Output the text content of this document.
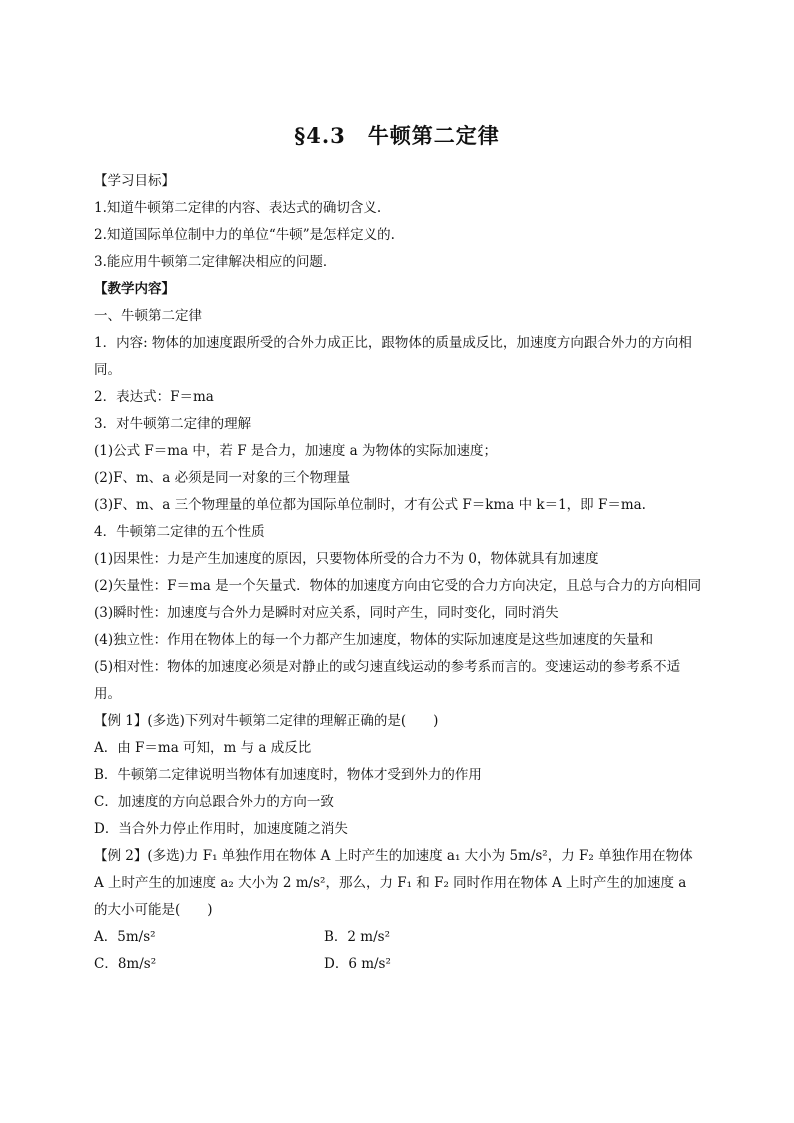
§4.3　牛顿第二定律
【学习目标】
1.知道牛顿第二定律的内容、表达式的确切含义.
2.知道国际单位制中力的单位“牛顿”是怎样定义的.
3.能应用牛顿第二定律解决相应的问题．
【教学内容】
一、牛顿第二定律
1．内容: 物体的加速度跟所受的合外力成正比，跟物体的质量成反比，加速度方向跟合外力的方向相同。
2．表达式：F＝ma
3．对牛顿第二定律的理解
(1)公式 F＝ma 中，若 F 是合力，加速度 a 为物体的实际加速度；
(2)F、m、a 必须是同一对象的三个物理量
(3)F、m、a 三个物理量的单位都为国际单位制时，才有公式 F＝kma 中 k＝1，即 F＝ma.
4．牛顿第二定律的五个性质
(1)因果性：力是产生加速度的原因，只要物体所受的合力不为 0，物体就具有加速度
(2)矢量性：F＝ma 是一个矢量式．物体的加速度方向由它受的合力方向决定，且总与合力的方向相同
(3)瞬时性：加速度与合外力是瞬时对应关系，同时产生，同时变化，同时消失
(4)独立性：作用在物体上的每一个力都产生加速度，物体的实际加速度是这些加速度的矢量和
(5)相对性：物体的加速度必须是对静止的或匀速直线运动的参考系而言的。变速运动的参考系不适用。
【例 1】(多选)下列对牛顿第二定律的理解正确的是(　　)
A．由 F＝ma 可知，m 与 a 成反比
B．牛顿第二定律说明当物体有加速度时，物体才受到外力的作用
C．加速度的方向总跟合外力的方向一致
D．当合外力停止作用时，加速度随之消失
【例 2】(多选)力 F₁ 单独作用在物体 A 上时产生的加速度 a₁ 大小为 5m/s²，力 F₂ 单独作用在物体 A 上时产生的加速度 a₂ 大小为 2 m/s²，那么，力 F₁ 和 F₂ 同时作用在物体 A 上时产生的加速度 a 的大小可能是(　　)
A．5m/s²	B．2 m/s²
C．8m/s²	D．6 m/s²
